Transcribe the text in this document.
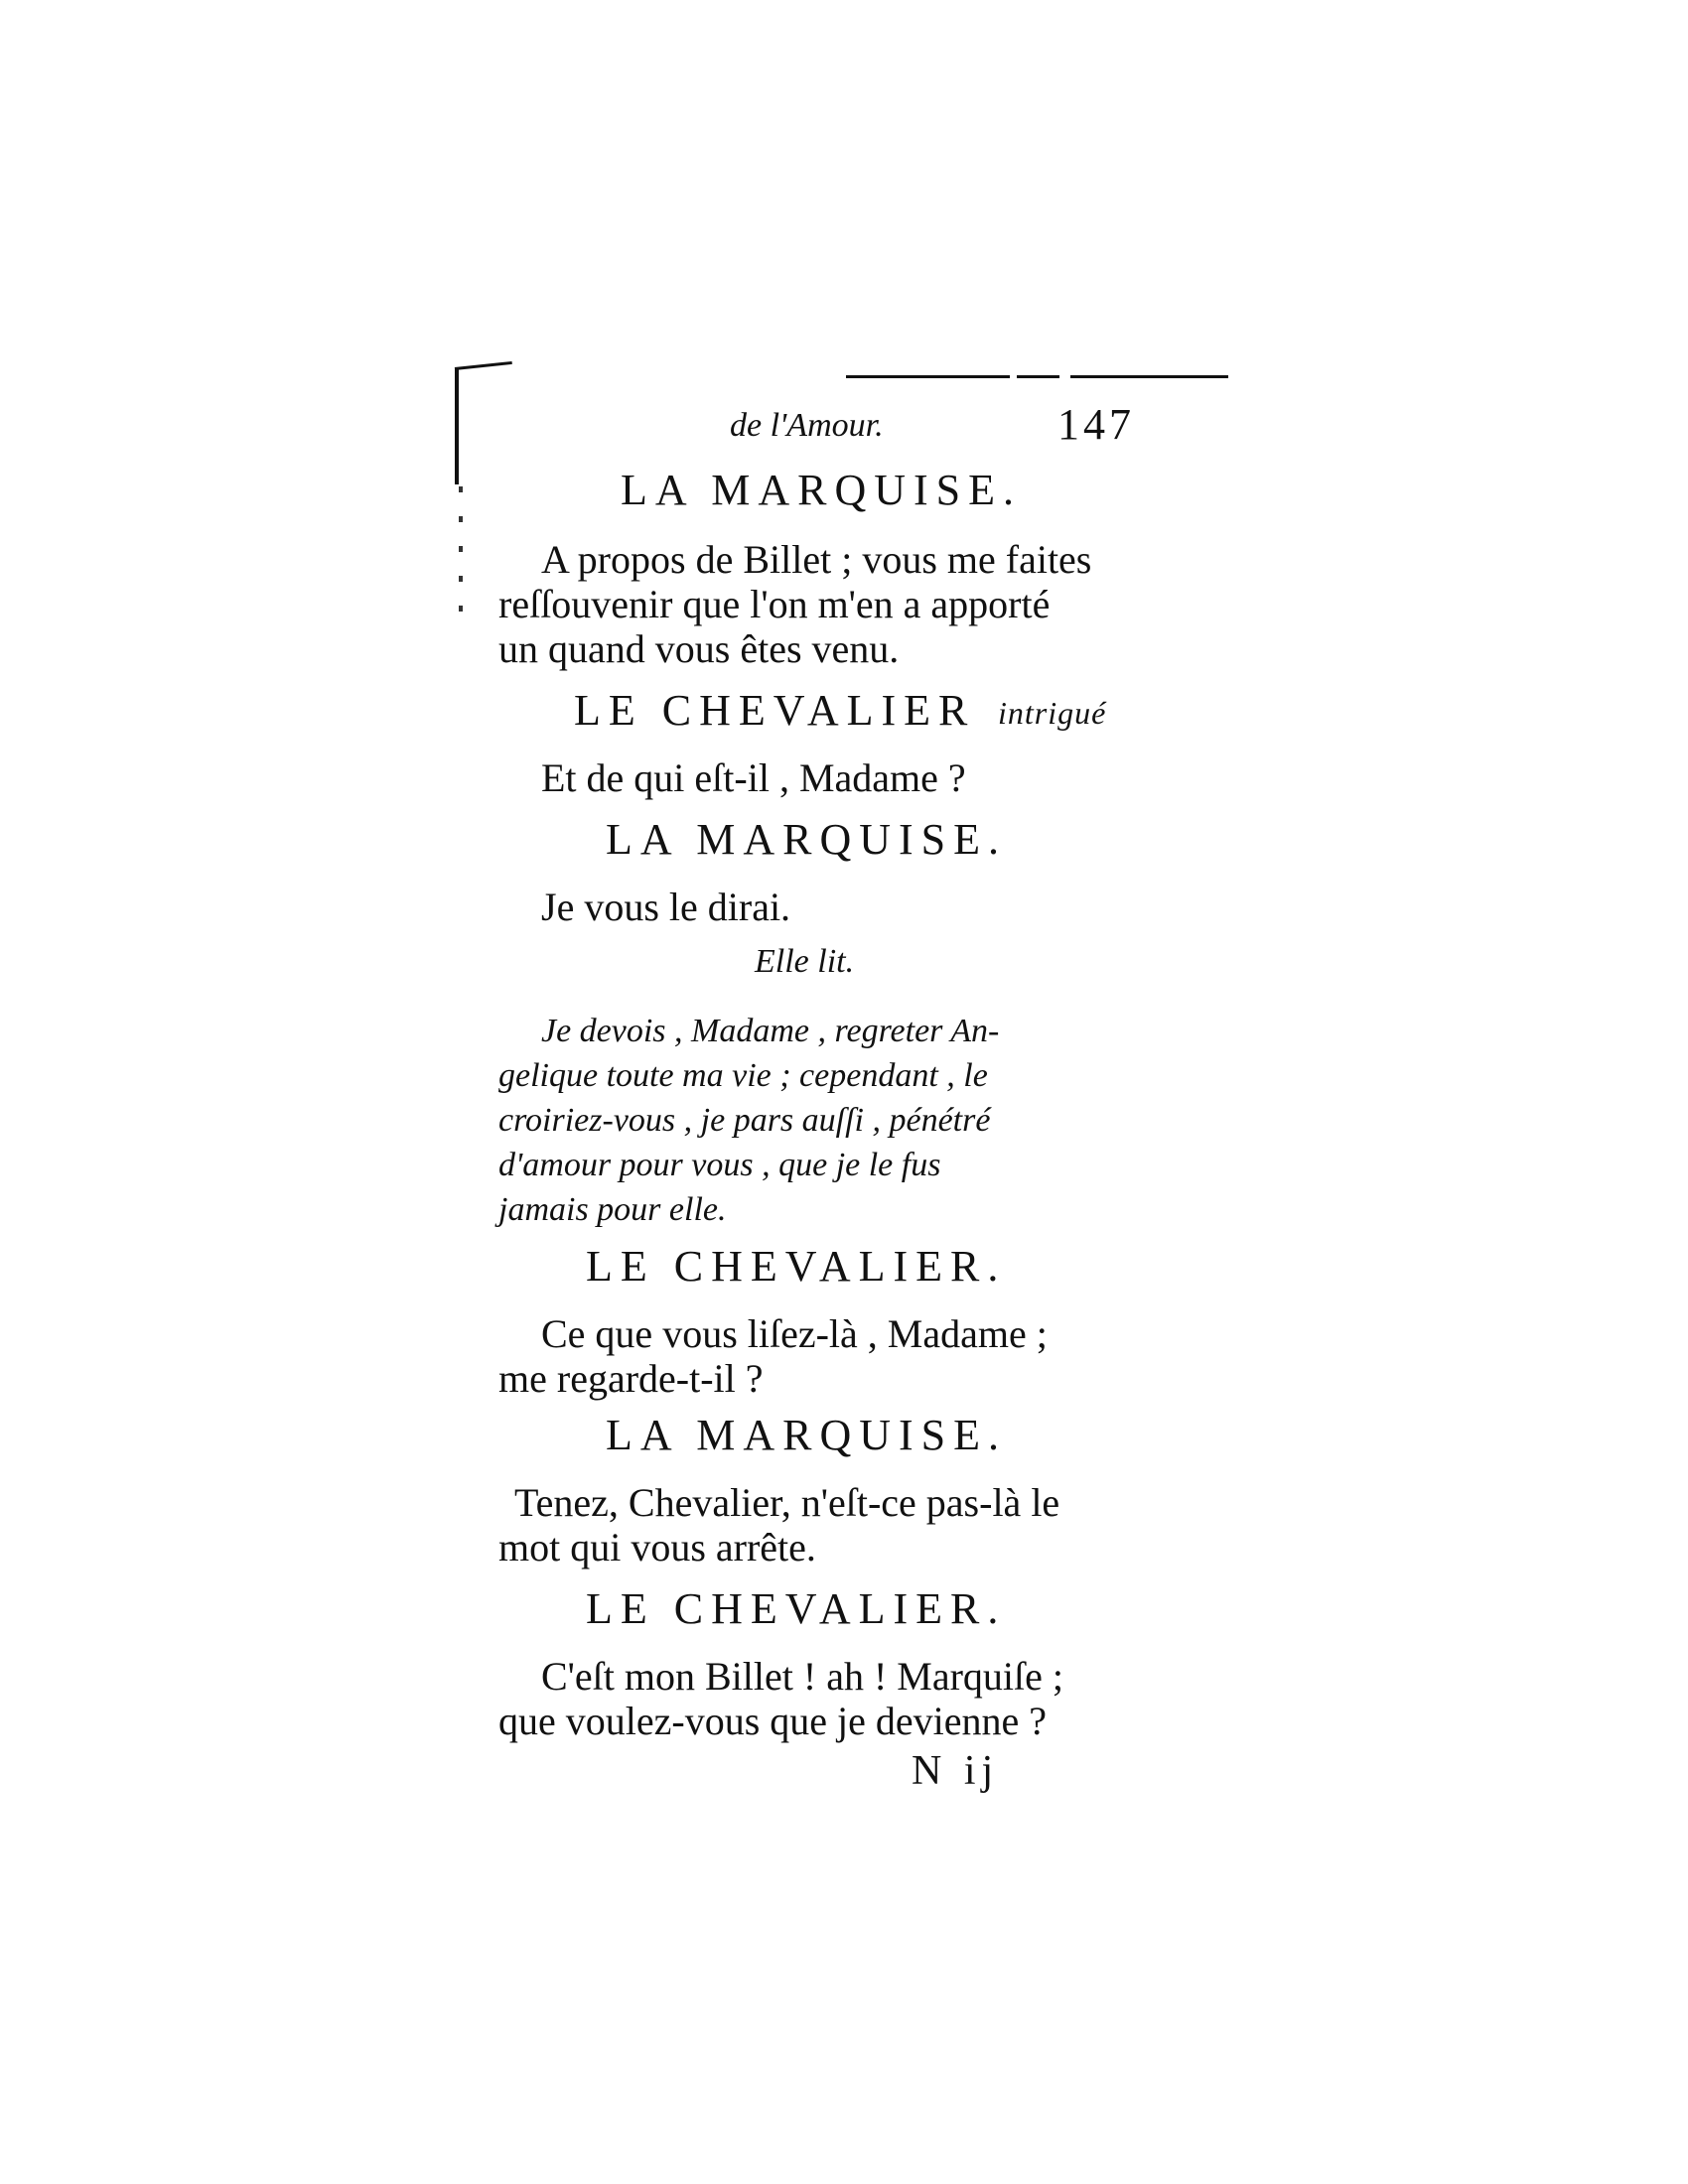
de l'Amour.	147
LA MARQUISE.
A propos de Billet ; vous me faites
reſſouvenir que l'on m'en a apporté
un quand vous êtes venu.
LE CHEVALIER intrigué
Et de qui eſt-il , Madame ?
LA MARQUISE.
Je vous le dirai.
Elle lit.
Je devois , Madame , regreter An-
gelique toute ma vie ; cependant , le
croiriez-vous , je pars auſſi , pénétré
d'amour pour vous , que je le fus
jamais pour elle.
LE CHEVALIER.
Ce que vous liſez-là , Madame ;
me regarde-t-il ?
LA MARQUISE.
Tenez, Chevalier, n'eſt-ce pas-là le
mot qui vous arrête.
LE CHEVALIER.
C'eſt mon Billet ! ah ! Marquiſe ;
que voulez-vous que je devienne ?
N ij
